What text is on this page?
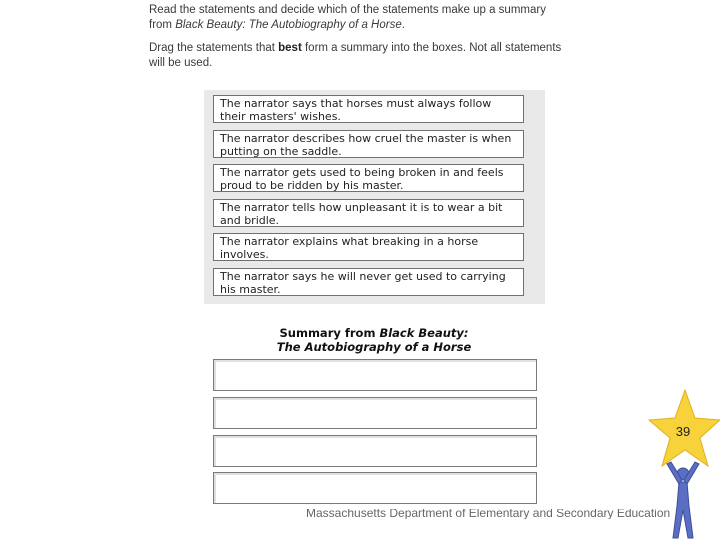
Read the statements and decide which of the statements make up a summary from Black Beauty: The Autobiography of a Horse.
Drag the statements that best form a summary into the boxes. Not all statements will be used.
The narrator says that horses must always follow their masters' wishes.
The narrator describes how cruel the master is when putting on the saddle.
The narrator gets used to being broken in and feels proud to be ridden by his master.
The narrator tells how unpleasant it is to wear a bit and bridle.
The narrator explains what breaking in a horse involves.
The narrator says he will never get used to carrying his master.
Summary from Black Beauty:
The Autobiography of a Horse
Massachusetts Department of Elementary and Secondary Education
39
